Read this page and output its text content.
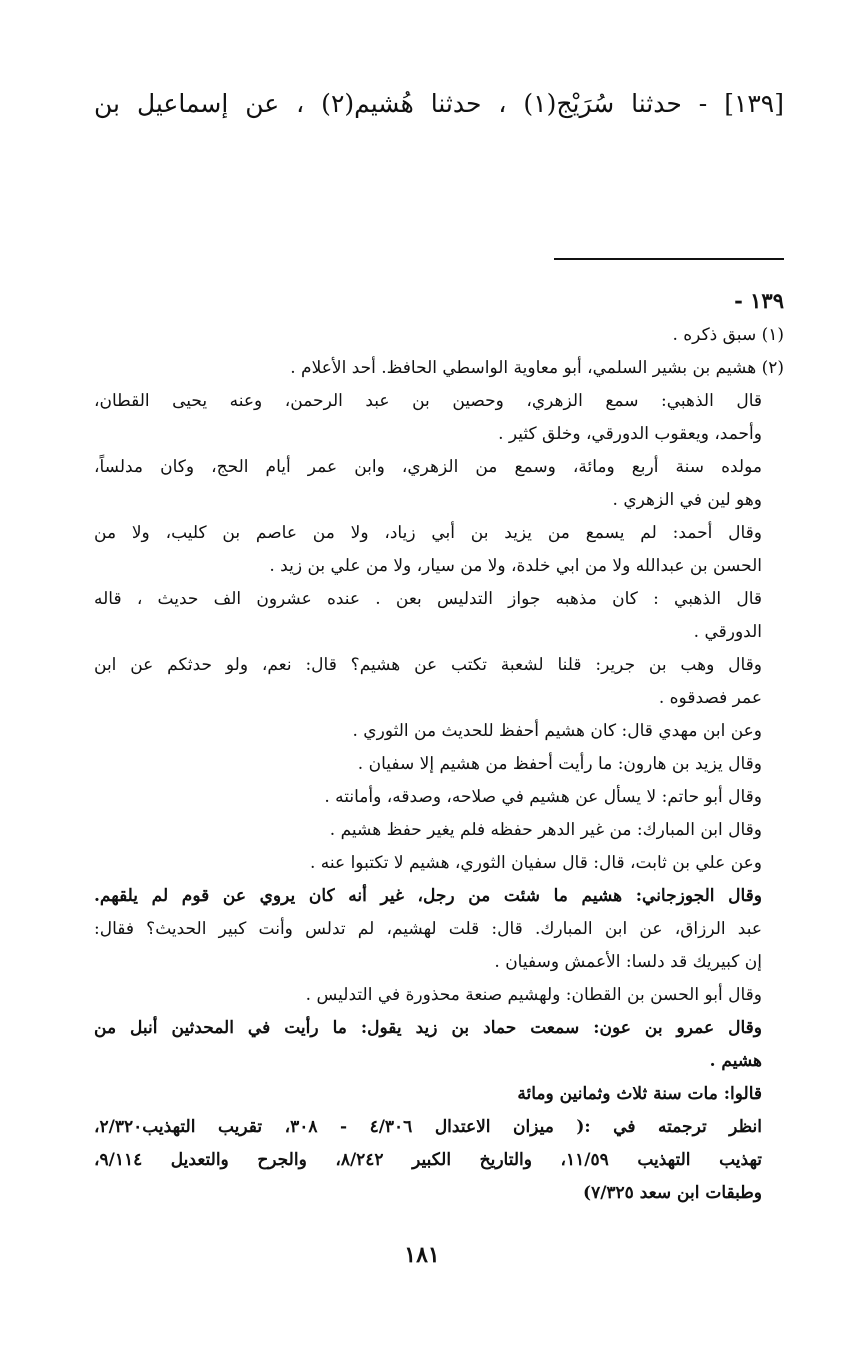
[١٣٩] - حدثنا سُرَيْج(١) ، حدثنا هُشيم(٢) ، عن إسماعيل بن
١٣٩ -
(١) سبق ذكره .
(٢) هشيم بن بشير السلمي، أبو معاوية الواسطي الحافظ. أحد الأعلام .
قال الذهبي: سمع الزهري، وحصين بن عبد الرحمن، وعنه يحيى القطان،
وأحمد، ويعقوب الدورقي، وخلق كثير .
مولده سنة أربع ومائة، وسمع من الزهري، وابن عمر أيام الحج، وكان مدلساً،
وهو لين في الزهري .
وقال أحمد: لم يسمع من يزيد بن أبي زياد، ولا من عاصم بن كليب، ولا من
الحسن بن عبدالله ولا من ابي خلدة، ولا من سيار، ولا من علي بن زيد .
قال الذهبي : كان مذهبه جواز التدليس بعن . عنده عشرون الف حديث ، قاله
الدورقي .
وقال وهب بن جرير: قلنا لشعبة تكتب عن هشيم؟ قال: نعم، ولو حدثكم عن ابن
عمر فصدقوه .
وعن ابن مهدي قال: كان هشيم أحفظ للحديث من الثوري .
وقال يزيد بن هارون: ما رأيت أحفظ من هشيم إلا سفيان .
وقال أبو حاتم: لا يسأل عن هشيم في صلاحه، وصدقه، وأمانته .
وقال ابن المبارك: من غير الدهر حفظه فلم يغير حفظ هشيم .
وعن علي بن ثابت، قال: قال سفيان الثوري، هشيم لا تكتبوا عنه .
وقال الجوزجاني: هشيم ما شئت من رجل، غير أنه كان يروي عن قوم لم يلقهم.
عبد الرزاق، عن ابن المبارك. قال: قلت لهشيم، لم تدلس وأنت كبير الحديث؟ فقال:
إن كبيريك قد دلسا: الأعمش وسفيان .
وقال أبو الحسن بن القطان: ولهشيم صنعة محذورة في التدليس .
وقال عمرو بن عون: سمعت حماد بن زيد يقول: ما رأيت في المحدثين أنبل من
هشيم .
قالوا: مات سنة ثلاث وثمانين ومائة
انظر ترجمته في :( ميزان الاعتدال ٤/٣٠٦ - ٣٠٨، تقريب التهذيب٢/٣٢٠،
تهذيب التهذيب ١١/٥٩، والتاريخ الكبير ٨/٢٤٢، والجرح والتعديل ٩/١١٤،
وطبقات ابن سعد ٧/٣٢٥)
١٨١
